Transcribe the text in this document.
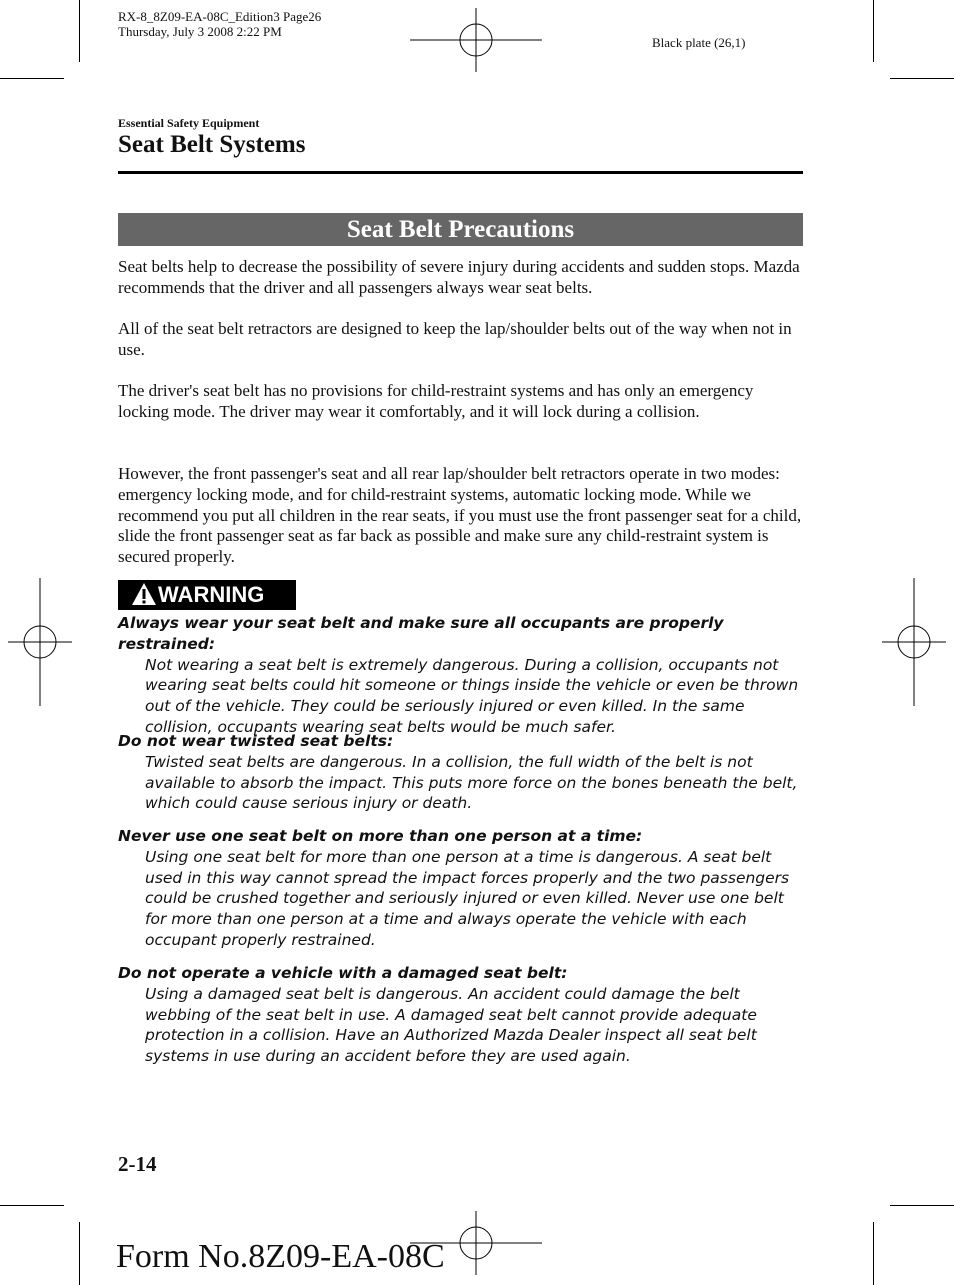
RX-8_8Z09-EA-08C_Edition3 Page26
Thursday, July 3 2008 2:22 PM
Black plate (26,1)
Essential Safety Equipment
Seat Belt Systems
Seat Belt Precautions
Seat belts help to decrease the possibility of severe injury during accidents and sudden stops. Mazda recommends that the driver and all passengers always wear seat belts.
All of the seat belt retractors are designed to keep the lap/shoulder belts out of the way when not in use.
The driver's seat belt has no provisions for child-restraint systems and has only an emergency locking mode. The driver may wear it comfortably, and it will lock during a collision.
However, the front passenger's seat and all rear lap/shoulder belt retractors operate in two modes: emergency locking mode, and for child-restraint systems, automatic locking mode. While we recommend you put all children in the rear seats, if you must use the front passenger seat for a child, slide the front passenger seat as far back as possible and make sure any child-restraint system is secured properly.
WARNING
Always wear your seat belt and make sure all occupants are properly restrained:
Not wearing a seat belt is extremely dangerous. During a collision, occupants not wearing seat belts could hit someone or things inside the vehicle or even be thrown out of the vehicle. They could be seriously injured or even killed. In the same collision, occupants wearing seat belts would be much safer.
Do not wear twisted seat belts:
Twisted seat belts are dangerous. In a collision, the full width of the belt is not available to absorb the impact. This puts more force on the bones beneath the belt, which could cause serious injury or death.
Never use one seat belt on more than one person at a time:
Using one seat belt for more than one person at a time is dangerous. A seat belt used in this way cannot spread the impact forces properly and the two passengers could be crushed together and seriously injured or even killed. Never use one belt for more than one person at a time and always operate the vehicle with each occupant properly restrained.
Do not operate a vehicle with a damaged seat belt:
Using a damaged seat belt is dangerous. An accident could damage the belt webbing of the seat belt in use. A damaged seat belt cannot provide adequate protection in a collision. Have an Authorized Mazda Dealer inspect all seat belt systems in use during an accident before they are used again.
2-14
Form No.8Z09-EA-08C
